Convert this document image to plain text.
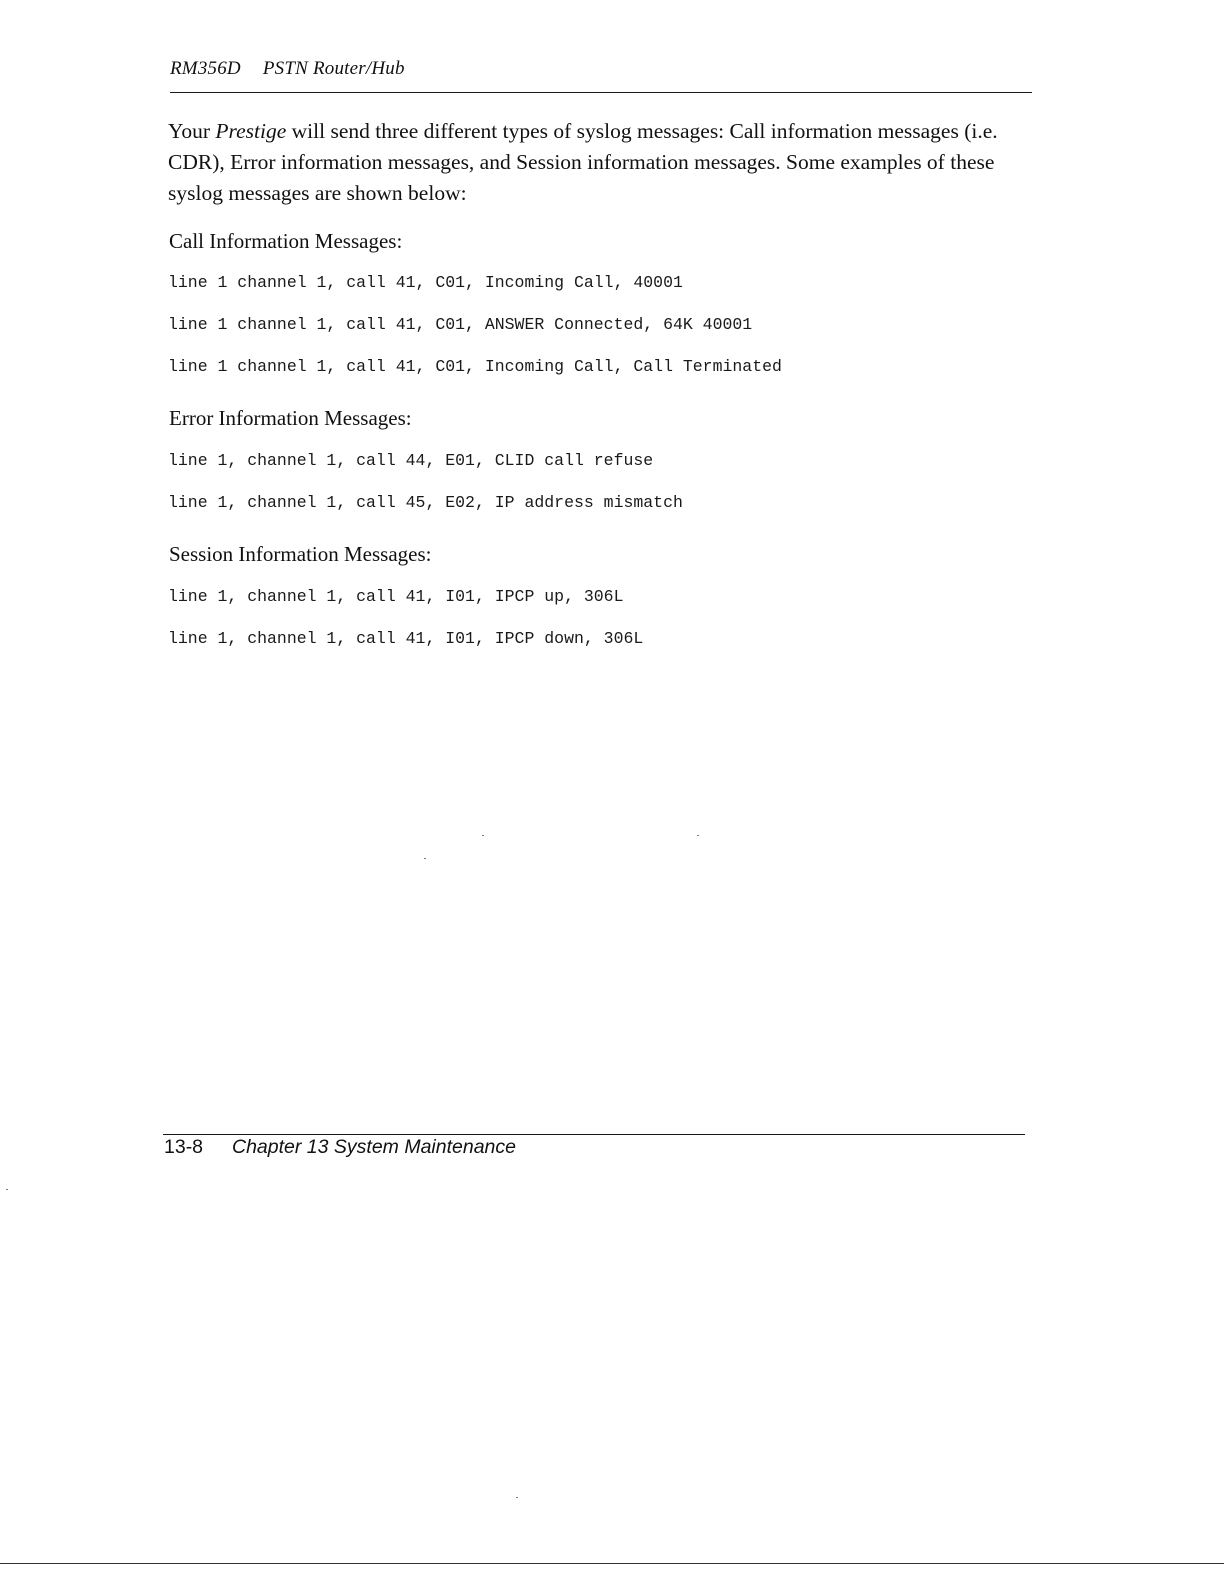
RM356D PSTN Router/Hub

Your Prestige will send three different types of syslog messages: Call information messages (i.e. CDR), Error information messages, and Session information messages. Some examples of these syslog messages are shown below:

Call Information Messages:
line 1 channel 1, call 41, C01, Incoming Call, 40001
line 1 channel 1, call 41, C01, ANSWER Connected, 64K 40001
line 1 channel 1, call 41, C01, Incoming Call, Call Terminated
Error Information Messages:
line 1, channel 1, call 44, E01, CLID call refuse
line 1, channel 1, call 45, E02, IP address mismatch
Session Information Messages:
line 1, channel 1, call 41, I01, IPCP up, 306L
line 1, channel 1, call 41, I01, IPCP down, 306L
13-8 Chapter 13 System Maintenance
